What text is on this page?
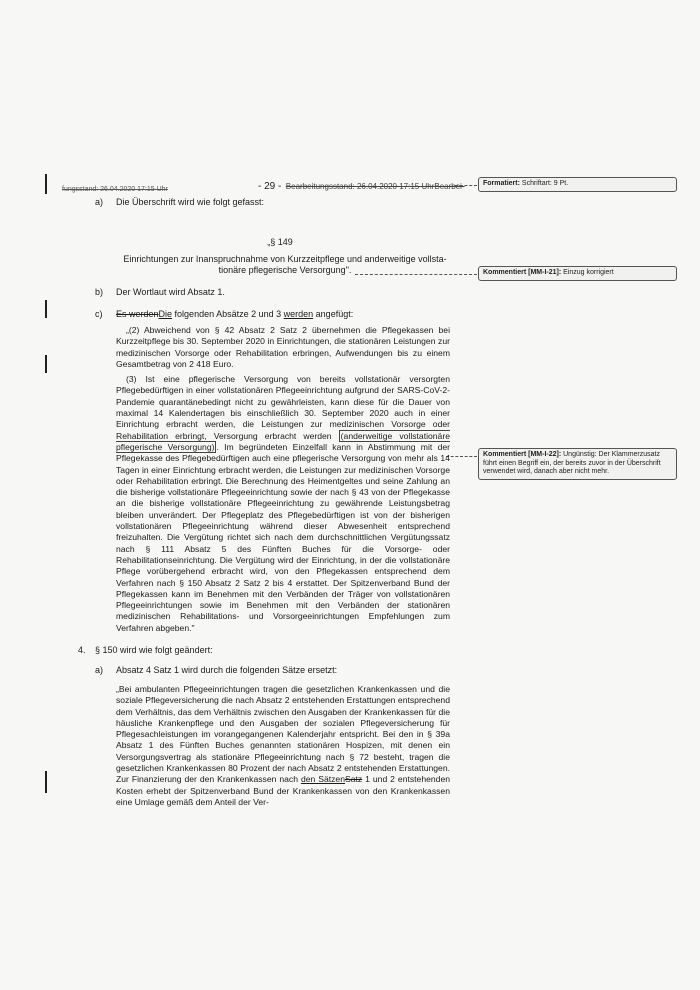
fungsstand: 26.04.2020 17:15 Uhr	- 29 - Bearbeitungsstand: 26.04.2020 17:15 UhrBearbei-	Formatiert: Schriftart: 9 Pt.
Kommentiert [MM-I-21]: Einzug korrigiert
Kommentiert [MM-I-22]: Ungünstig: Der Klammerzusatz führt einen Begriff ein, der bereits zuvor in der Überschrift verwendet wird, danach aber nicht mehr.
a) Die Überschrift wird wie folgt gefasst:
„§ 149
Einrichtungen zur Inanspruchnahme von Kurzzeitpflege und anderweitige vollsta-
tionäre pflegerische Versorgung".
b) Der Wortlaut wird Absatz 1.
c) Es werdenDie folgenden Absätze 2 und 3 werden angefügt:

„(2) Abweichend von § 42 Absatz 2 Satz 2 übernehmen die Pflegekassen bei Kurzzeitpflege bis 30. September 2020 in Einrichtungen, die stationären Leistungen zur medizinischen Vorsorge oder Rehabilitation erbringen, Aufwendungen bis zu einem Gesamtbetrag von 2 418 Euro.

(3) Ist eine pflegerische Versorgung von bereits vollstationär versorgten Pflegebedürftigen in einer vollstationären Pflegeeinrichtung aufgrund der SARS-CoV-2-Pandemie quarantänebedingt nicht zu gewährleisten, kann diese für die Dauer von maximal 14 Kalendertagen bis einschließlich 30. September 2020 auch in einer Einrichtung erbracht werden, die Leistungen zur medizinischen Vorsorge oder Rehabilitation erbringt, Versorgung erbracht werden (anderweitige vollstationäre pflegerische Versorgung) . Im begründeten Einzelfall kann in Abstimmung mit der Pflegekasse des Pflegebedürftigen auch eine pflegerische Versorgung von mehr als 14 Tagen in einer Einrichtung erbracht werden, die Leistungen zur medizinischen Vorsorge oder Rehabilitation erbringt. Die Berechnung des Heimentgeltes und seine Zahlung an die bisherige vollstationäre Pflegeeinrichtung sowie der nach § 43 von der Pflegekasse an die bisherige vollstationäre Pflegeeinrichtung zu gewährende Leistungsbetrag bleiben unverändert. Der Pflegeplatz des Pflegebedürftigen ist von der bisherigen vollstationären Pflegeeinrichtung während dieser Abwesenheit entsprechend freizuhalten. Die Vergütung richtet sich nach dem durchschnittlichen Vergütungssatz nach § 111 Absatz 5 des Fünften Buches für die Vorsorge- oder Rehabilitationseinrichtung. Die Vergütung wird der Einrichtung, in der die vollstationäre Pflege vorübergehend erbracht wird, von den Pflegekassen entsprechend dem Verfahren nach § 150 Absatz 2 Satz 2 bis 4 erstattet. Der Spitzenverband Bund der Pflegekassen kann im Benehmen mit den Verbänden der Träger von vollstationären Pflegeeinrichtungen sowie im Benehmen mit den Verbänden der stationären medizinischen Rehabilitations- und Vorsorgeeinrichtungen Empfehlungen zum Verfahren abgeben."

4. § 150 wird wie folgt geändert:
a) Absatz 4 Satz 1 wird durch die folgenden Sätze ersetzt:

„Bei ambulanten Pflegeeinrichtungen tragen die gesetzlichen Krankenkassen und die soziale Pflegeversicherung die nach Absatz 2 entstehenden Erstattungen entsprechend dem Verhältnis, das dem Verhältnis zwischen den Ausgaben der Krankenkassen für die häusliche Krankenpflege und den Ausgaben der sozialen Pflegeversicherung für Pflegesachleistungen im vorangegangenen Kalenderjahr entspricht. Bei den in § 39a Absatz 1 des Fünften Buches genannten stationären Hospizen, mit denen ein Versorgungsvertrag als stationäre Pflegeeinrichtung nach § 72 besteht, tragen die gesetzlichen Krankenkassen 80 Prozent der nach Absatz 2 entstehenden Erstattungen. Zur Finanzierung der den Krankenkassen nach den SätzenSatz 1 und 2 entstehenden Kosten erhebt der Spitzenverband Bund der Krankenkassen von den Krankenkassen eine Umlage gemäß dem Anteil der Ver-
